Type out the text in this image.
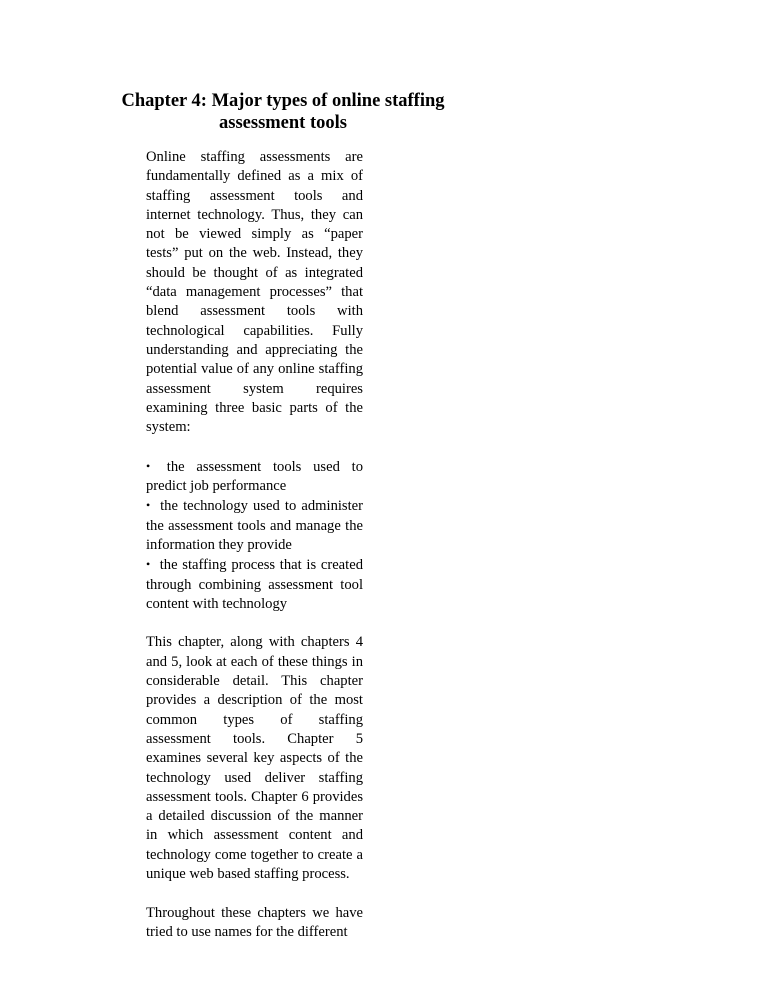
Chapter 4: Major types of online staffing
assessment tools

Online staffing assessments are fundamentally defined as a mix of staffing assessment tools and internet technology. Thus, they can not be viewed simply as “paper tests” put on the web. Instead, they should be thought of as integrated “data management processes” that blend assessment tools with technological capabilities. Fully understanding and appreciating the potential value of any online staffing assessment system requires examining three basic parts of the system:

• the assessment tools used to predict job performance
• the technology used to administer the assessment tools and manage the information they provide
• the staffing process that is created through combining assessment tool content with technology

This chapter, along with chapters 4 and 5, look at each of these things in considerable detail. This chapter provides a description of the most common types of staffing assessment tools. Chapter 5 examines several key aspects of the technology used deliver staffing assessment tools. Chapter 6 provides a detailed discussion of the manner in which assessment content and technology come together to create a unique web based staffing process.

Throughout these chapters we have tried to use names for the different
